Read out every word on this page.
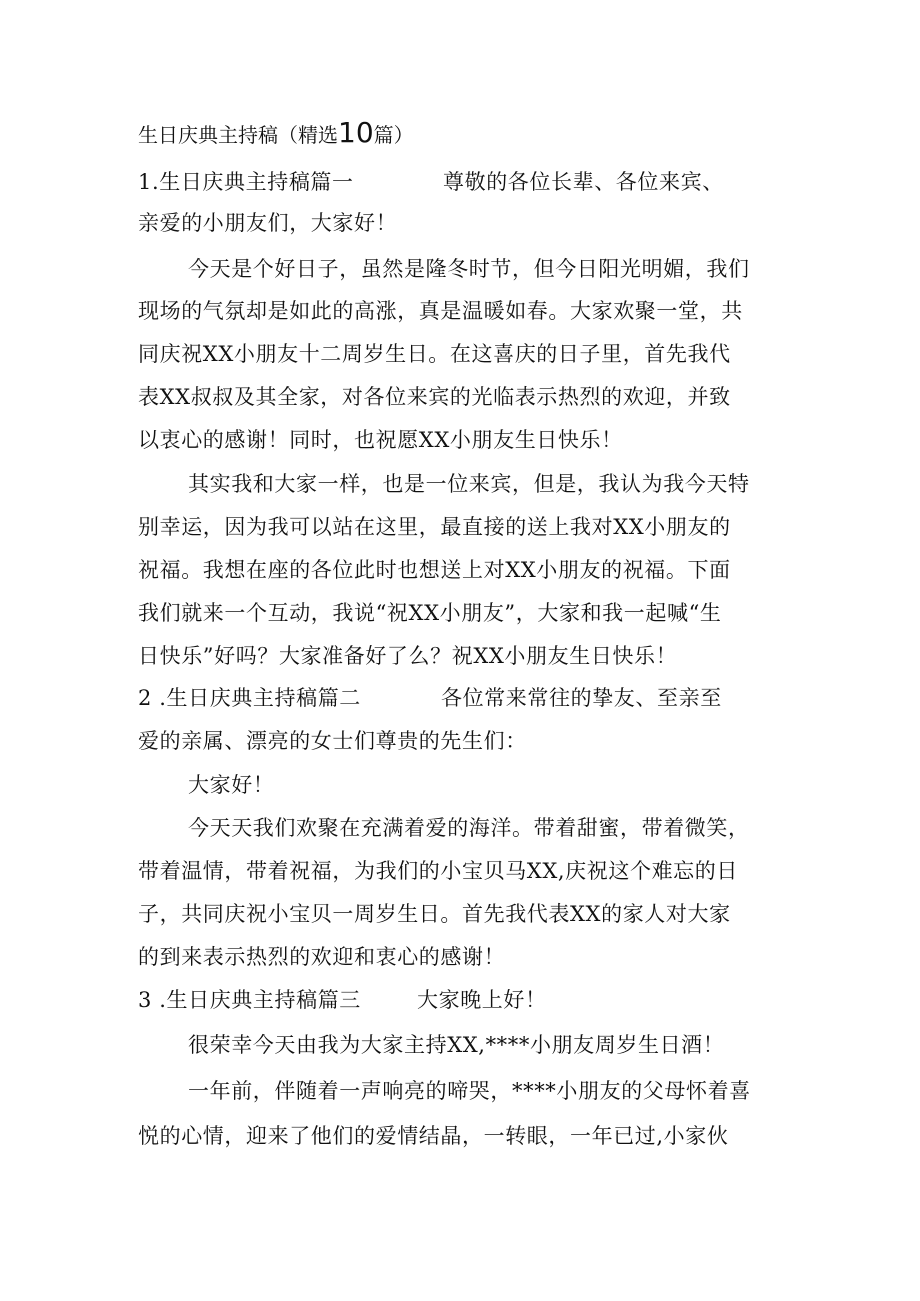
生日庆典主持稿（精选10篇）
1.生日庆典主持稿篇一	尊敬的各位长辈、各位来宾、
亲爱的小朋友们，大家好！
今天是个好日子，虽然是隆冬时节，但今日阳光明媚，我们
现场的气氛却是如此的高涨，真是温暖如春。大家欢聚一堂，共
同庆祝XX小朋友十二周岁生日。在这喜庆的日子里，首先我代
表XX叔叔及其全家，对各位来宾的光临表示热烈的欢迎，并致
以衷心的感谢！同时，也祝愿XX小朋友生日快乐！
其实我和大家一样，也是一位来宾，但是，我认为我今天特
别幸运，因为我可以站在这里，最直接的送上我对XX小朋友的
祝福。我想在座的各位此时也想送上对XX小朋友的祝福。下面
我们就来一个互动，我说“祝XX小朋友”，大家和我一起喊“生
日快乐”好吗？大家准备好了么？祝XX小朋友生日快乐！
2 .生日庆典主持稿篇二	各位常来常往的挚友、至亲至
爱的亲属、漂亮的女士们尊贵的先生们：
大家好！
今天天我们欢聚在充满着爱的海洋。带着甜蜜，带着微笑，
带着温情，带着祝福，为我们的小宝贝马XX,庆祝这个难忘的日
子，共同庆祝小宝贝一周岁生日。首先我代表XX的家人对大家
的到来表示热烈的欢迎和衷心的感谢！
3 .生日庆典主持稿篇三	大家晚上好！
很荣幸今天由我为大家主持XX,****小朋友周岁生日酒！
一年前，伴随着一声响亮的啼哭，****小朋友的父母怀着喜
悦的心情，迎来了他们的爱情结晶，一转眼，一年已过,小家伙
